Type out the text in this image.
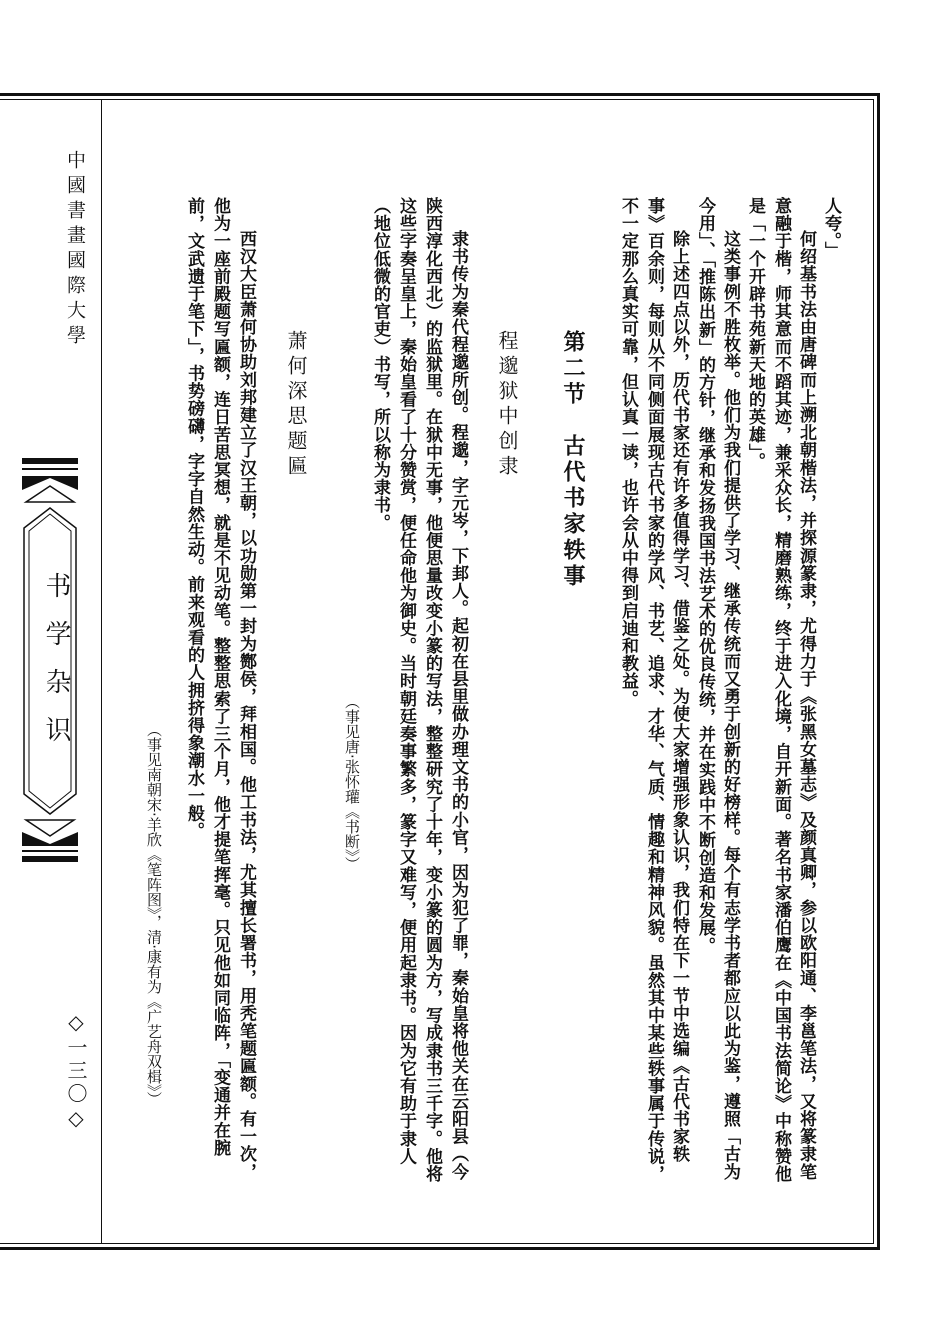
中國書畫國際大學
书学杂识
◇一三〇◇
人夸。」
何绍基书法由唐碑而上溯北朝楷法，并探源篆隶，尤得力于《张黑女墓志》及颜真卿，参以欧阳通、李邕笔法，又将篆隶笔
意融于楷，师其意而不蹈其迹，兼采众长，精磨熟练，终于进入化境，自开新面。著名书家潘伯鹰在《中国书法简论》中称赞他
是「一个开辟书苑新天地的英雄」。
这类事例不胜枚举。他们为我们提供了学习、继承传统而又勇于创新的好榜样。每个有志学书者都应以此为鉴，遵照「古为
今用」、「推陈出新」的方针，继承和发扬我国书法艺术的优良传统，并在实践中不断创造和发展。
除上述四点以外，历代书家还有许多值得学习、借鉴之处。为使大家增强形象认识，我们特在下一节中选编《古代书家轶
事》百余则，每则从不同侧面展现古代书家的学风、书艺、追求、才华、气质、情趣和精神风貌。虽然其中某些轶事属于传说，
不一定那么真实可靠，但认真一读，也许会从中得到启迪和教益。
第二节　古代书家轶事
程邈狱中创隶
隶书传为秦代程邈所创。程邈，字元岑，下邽人。起初在县里做办理文书的小官，因为犯了罪，秦始皇将他关在云阳县（今
陕西淳化西北）的监狱里。在狱中无事，他便思量改变小篆的写法，整整研究了十年，变小篆的圆为方，写成隶书三千字。他将
这些字奏呈皇上，秦始皇看了十分赞赏，便任命他为御史。当时朝廷奏事繁多，篆字又难写，便用起隶书。因为它有助于隶人
（地位低微的官吏）书写，所以称为隶书。
（事见唐·张怀瓘《书断》）
萧何深思题匾
西汉大臣萧何协助刘邦建立了汉王朝，以功勋第一封为酂侯，拜相国。他工书法，尤其擅长署书，用秃笔题匾额。有一次，
他为一座前殿题写匾额，连日苦思冥想，就是不见动笔。整整思索了三个月，他才提笔挥毫。只见他如同临阵，「变通并在腕
前，文武遗于笔下」，书势磅礴，字字自然生动。前来观看的人拥挤得象潮水一般。
（事见南朝宋·羊欣《笔阵图》，清·康有为《广艺舟双楫》）
